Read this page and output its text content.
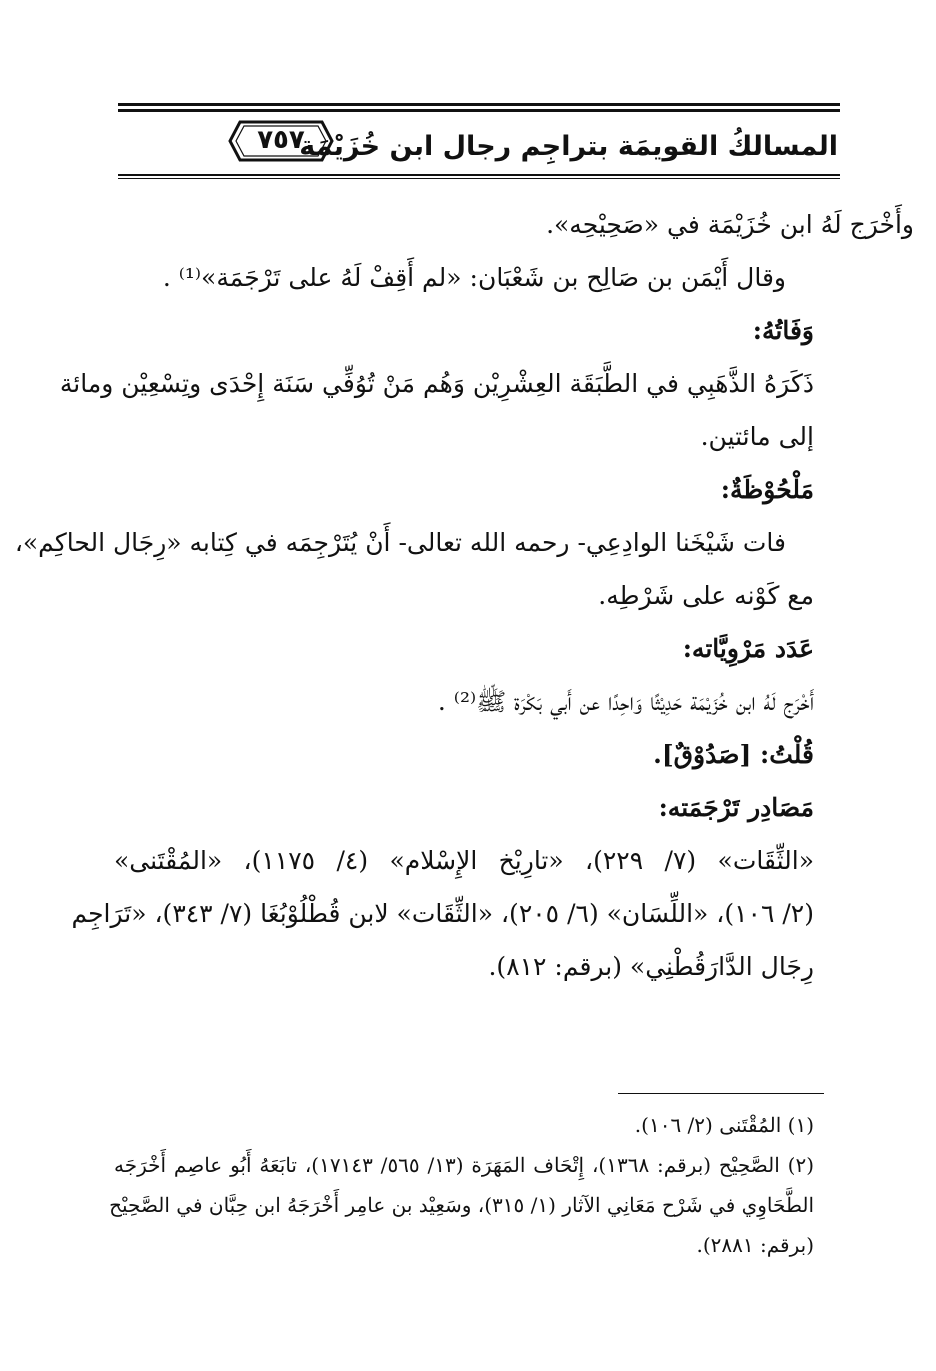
المسالكُ القويمَة بتراجِم رجال ابن خُزَيْمَة
٧٥٧
وأَخْرَج لَهُ ابن خُزَيْمَة في «صَحِيْحِه».
وقال أَيْمَن بن صَالِح بن شَعْبَان: «لم أَقِفْ لَهُ على تَرْجَمَة»⁽¹⁾ .
وَفَاتُهُ:
ذَكَرَهُ الذَّهَبِي في الطَّبَقَة العِشْرِيْن وَهُم مَنْ تُوُفِّي سَنَة إِحْدَى وتِسْعِيْن ومائة
إلى مائتين.
مَلْحُوْظَةٌ:
فات شَيْخَنا الوادِعِي- رحمه الله تعالى- أَنْ يُتَرْجِمَه في كِتابه «رِجَال الحاكِم»،
مع كَوْنه على شَرْطِه.
عَدَد مَرْوِيَّاته:
أَخْرَج لَهُ ابن خُزَيْمَة حَدِيْثًا وَاحِدًا عن أَبي بَكْرَة ﷺ⁽²⁾ .
قُلْتُ: [صَدُوْقٌ].
مَصَادِر تَرْجَمَته:
«الثِّقَات» (٧/ ٢٢٩)، «تارِيْخ الإِسْلام» (٤/ ١١٧٥)، «المُقْتَنى»
(٢/ ١٠٦)، «اللِّسَان» (٦/ ٢٠٥)، «الثِّقَات» لابن قُطْلُوْبُغَا (٧/ ٣٤٣)، «تَرَاجِم
رِجَال الدَّارَقُطْنِي» (برقم: ٨١٢).
(١) المُقْتَنى (٢/ ١٠٦).
(٢) الصَّحِيْح (برقم: ١٣٦٨)، إِتْحَاف المَهَرَة (١٣/ ٥٦٥/ ١٧١٤٣)، تابَعَهُ أَبُو عاصِم أَخْرَجَه
الطَّحَاوِي في شَرْح مَعَانِي الآثار (١/ ٣١٥)، وسَعِيْد بن عامِر أَخْرَجَهُ ابن حِبَّان في الصَّحِيْح
(برقم: ٢٨٨١).
